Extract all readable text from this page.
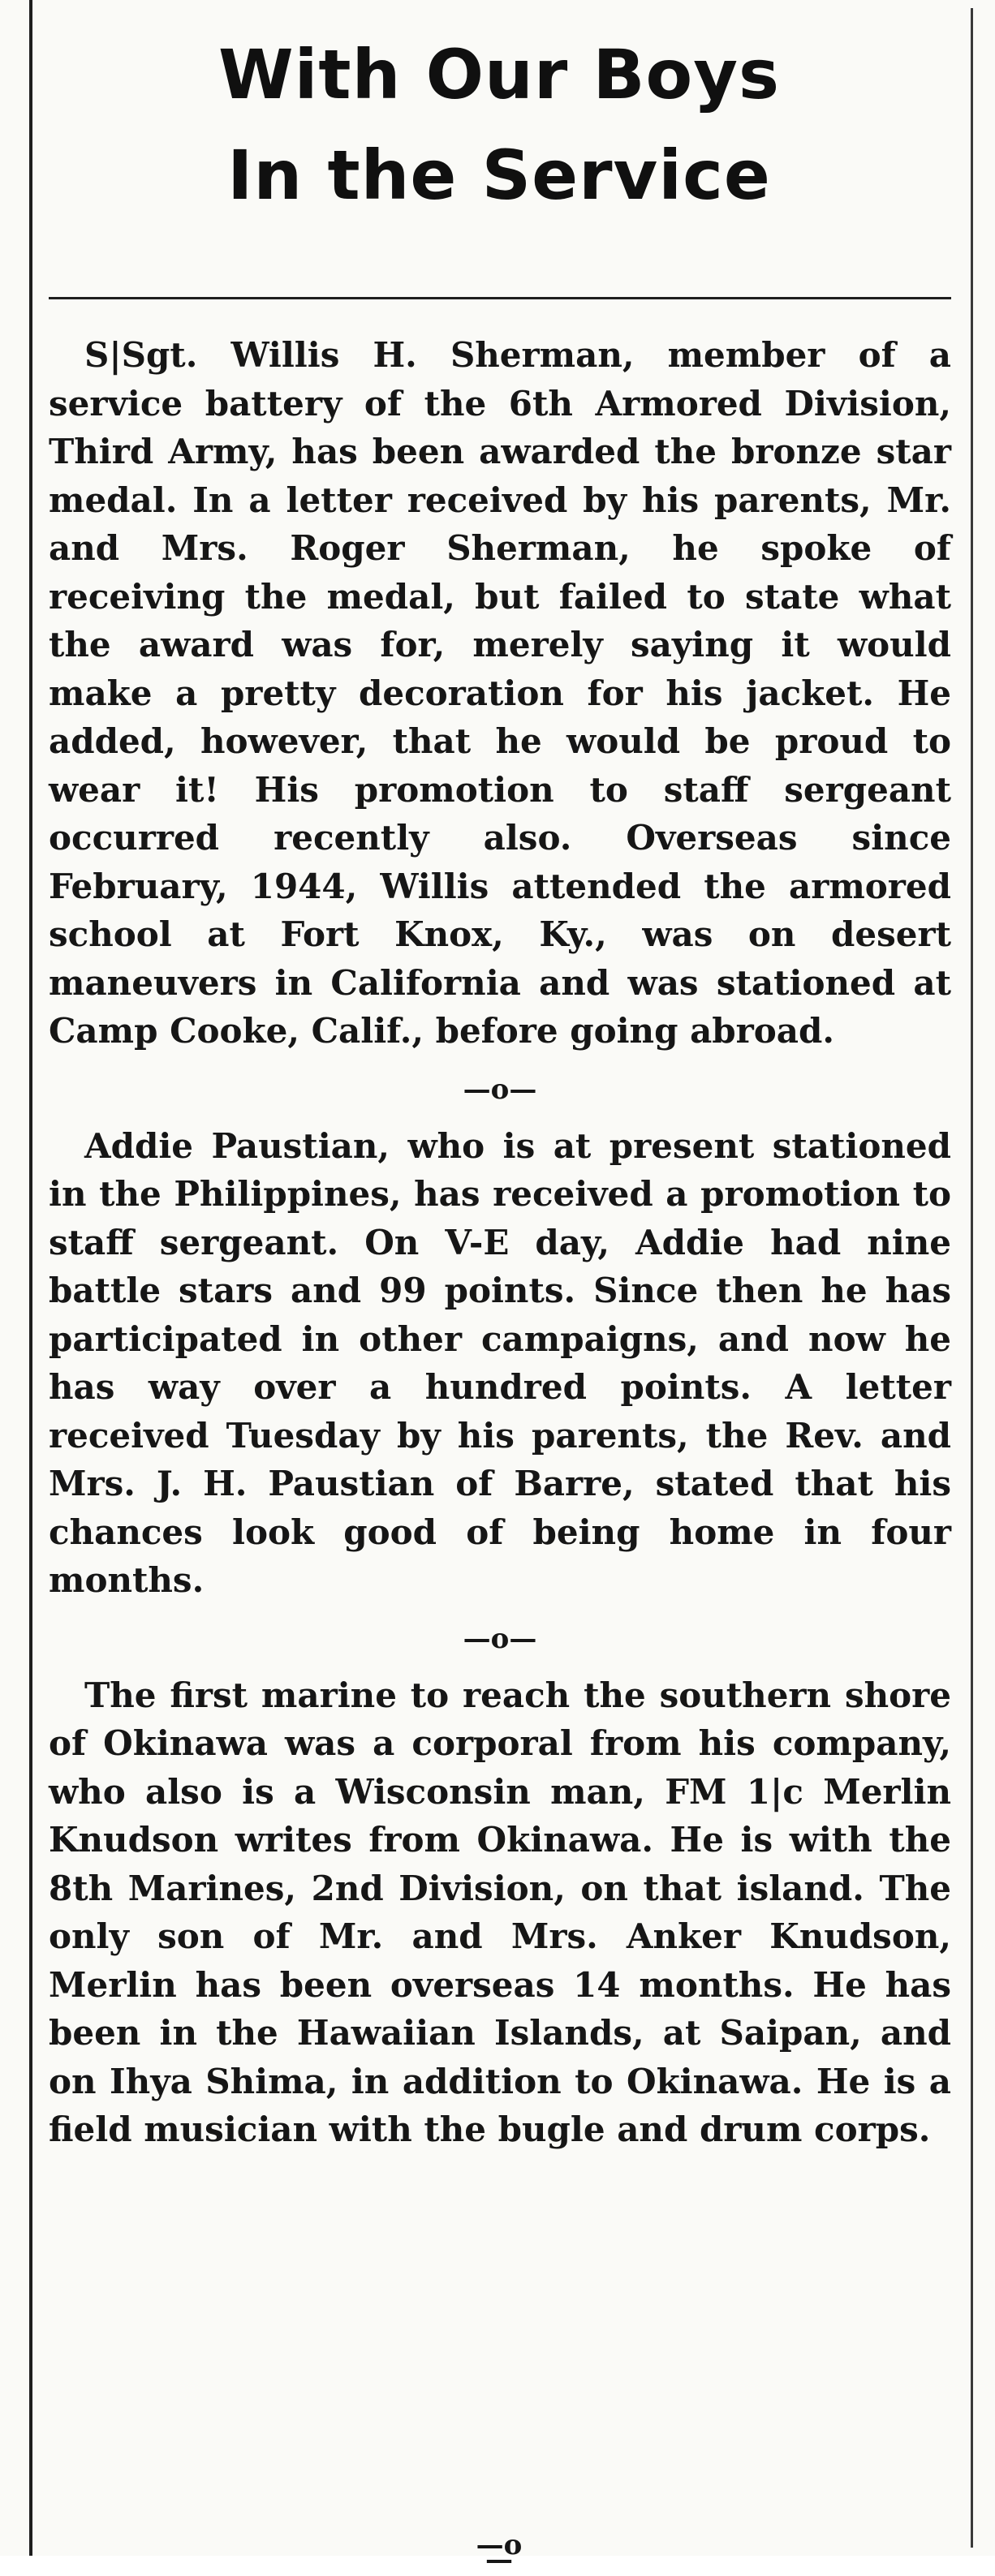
With Our Boys
In the Service

S|Sgt. Willis H. Sherman, member of a service battery of the 6th Armored Division, Third Army, has been awarded the bronze star medal. In a letter received by his parents, Mr. and Mrs. Roger Sherman, he spoke of receiving the medal, but failed to state what the award was for, merely saying it would make a pretty decoration for his jacket. He added, however, that he would be proud to wear it! His promotion to staff sergeant occurred recently also. Overseas since February, 1944, Willis attended the armored school at Fort Knox, Ky., was on desert maneuvers in California and was stationed at Camp Cooke, Calif., before going abroad.

—o—

Addie Paustian, who is at present stationed in the Philippines, has received a promotion to staff sergeant. On V-E day, Addie had nine battle stars and 99 points. Since then he has participated in other campaigns, and now he has way over a hundred points. A letter received Tuesday by his parents, the Rev. and Mrs. J. H. Paustian of Barre, stated that his chances look good of being home in four months.

—o—

The first marine to reach the southern shore of Okinawa was a corporal from his company, who also is a Wisconsin man, FM 1|c Merlin Knudson writes from Okinawa. He is with the 8th Marines, 2nd Division, on that island. The only son of Mr. and Mrs. Anker Knudson, Merlin has been overseas 14 months. He has been in the Hawaiian Islands, at Saipan, and on Ihya Shima, in addition to Okinawa. He is a field musician with the bugle and drum corps.

—o—
